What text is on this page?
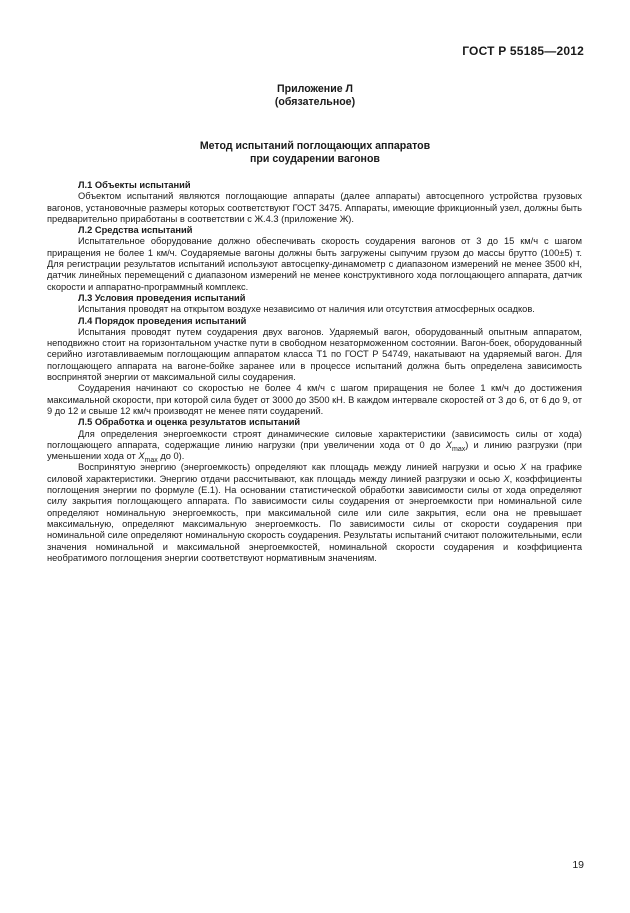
ГОСТ Р 55185—2012
Приложение Л
(обязательное)
Метод испытаний поглощающих аппаратов
при соударении вагонов

Л.1 Объекты испытаний

Объектом испытаний являются поглощающие аппараты (далее аппараты) автосцепного устройства грузовых вагонов, установочные размеры которых соответствуют ГОСТ 3475. Аппараты, имеющие фрикционный узел, должны быть предварительно приработаны в соответствии с Ж.4.3 (приложение Ж).

Л.2 Средства испытаний

Испытательное оборудование должно обеспечивать скорость соударения вагонов от 3 до 15 км/ч с шагом приращения не более 1 км/ч. Соударяемые вагоны должны быть загружены сыпучим грузом до массы брутто (100±5) т. Для регистрации результатов испытаний используют автосцепку-динамометр с диапазоном измерений не менее 3500 кН, датчик линейных перемещений с диапазоном измерений не менее конструктивного хода поглощающего аппарата, датчик скорости и аппаратно-программный комплекс.

Л.3 Условия проведения испытаний

Испытания проводят на открытом воздухе независимо от наличия или отсутствия атмосферных осадков.

Л.4 Порядок проведения испытаний

Испытания проводят путем соударения двух вагонов. Ударяемый вагон, оборудованный опытным аппаратом, неподвижно стоит на горизонтальном участке пути в свободном незаторможенном состоянии. Вагон-боек, оборудованный серийно изготавливаемым поглощающим аппаратом класса Т1 по ГОСТ Р 54749, накатывают на ударяемый вагон. Для поглощающего аппарата на вагоне-бойке заранее или в процессе испытаний должна быть определена зависимость воспринятой энергии от максимальной силы соударения.

Соударения начинают со скоростью не более 4 км/ч с шагом приращения не более 1 км/ч до достижения максимальной скорости, при которой сила будет от 3000 до 3500 кН. В каждом интервале скоростей от 3 до 6, от 6 до 9, от 9 до 12 и свыше 12 км/ч производят не менее пяти соударений.

Л.5 Обработка и оценка результатов испытаний

Для определения энергоемкости строят динамические силовые характеристики (зависимость силы от хода) поглощающего аппарата, содержащие линию нагрузки (при увеличении хода от 0 до $X_{max}$) и линию разгрузки (при уменьшении хода от $X_{max}$ до 0).

Воспринятую энергию (энергоемкость) определяют как площадь между линией нагрузки и осью X на графике силовой характеристики. Энергию отдачи рассчитывают, как площадь между линией разгрузки и осью X, коэффициенты поглощения энергии по формуле (Е.1). На основании статистической обработки зависимости силы от хода определяют силу закрытия поглощающего аппарата. По зависимости силы соударения от энергоемкости при номинальной силе определяют номинальную энергоемкость, при максимальной силе или силе закрытия, если она не превышает максимальную, определяют максимальную энергоемкость. По зависимости силы от скорости соударения при номинальной силе определяют номинальную скорость соударения. Результаты испытаний считают положительными, если значения номинальной и максимальной энергоемкостей, номинальной скорости соударения и коэффициента необратимого поглощения энергии соответствуют нормативным значениям.

19
